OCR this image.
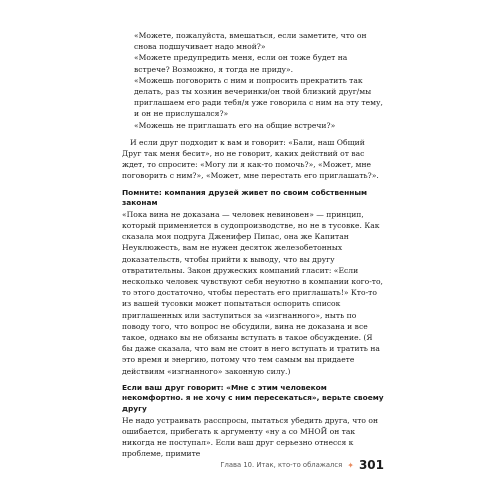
«Можете, пожалуйста, вмешаться, если заметите, что он снова подшучивает надо мной?»

«Можете предупредить меня, если он тоже будет на встрече? Возможно, я тогда не приду».

«Можешь поговорить с ним и попросить прекратить так делать, раз ты хозяин вечеринки/он твой близкий друг/мы приглашаем его ради тебя/я уже говорила с ним на эту тему, и он не прислушался?»

«Можешь не приглашать его на общие встречи?»

И если друг подходит к вам и говорит: «Бали, наш Общий Друг так меня бесит», но не говорит, каких действий от вас ждет, то спросите: «Могу ли я как-то помочь?», «Может, мне поговорить с ним?», «Может, мне перестать его приглашать?».

Помните: компания друзей живет по своим собственным законам

«Пока вина не доказана — человек невиновен» — принцип, который применяется в судопроизводстве, но не в тусовке. Как сказала моя подруга Дженифер Пипас, она же Капитан Неуклюжесть, вам не нужен десяток железобетонных доказательств, чтобы прийти к выводу, что вы другу отвратительны. Закон дружеских компаний гласит: «Если несколько человек чувствуют себя неуютно в компании кого-то, то этого достаточно, чтобы перестать его приглашать!» Кто-то из вашей тусовки может попытаться оспорить список приглашенных или заступиться за «изгнанного», ныть по поводу того, что вопрос не обсудили, вина не доказана и все такое, однако вы не обязаны вступать в такое обсуждение. (Я бы даже сказала, что вам не стоит в него вступать и тратить на это время и энергию, потому что тем самым вы придаете действиям «изгнанного» законную силу.)

Если ваш друг говорит: «Мне с этим человеком некомфортно. я не хочу с ним пересекаться», верьте своему другу

Не надо устраивать расспросы, пытаться убедить друга, что он ошибается, прибегать к аргументу «ну а со МНОЙ он так никогда не поступал». Если ваш друг серьезно отнесся к проблеме, примите

Глава 10. Итак, кто-то облажался ✦ 301
